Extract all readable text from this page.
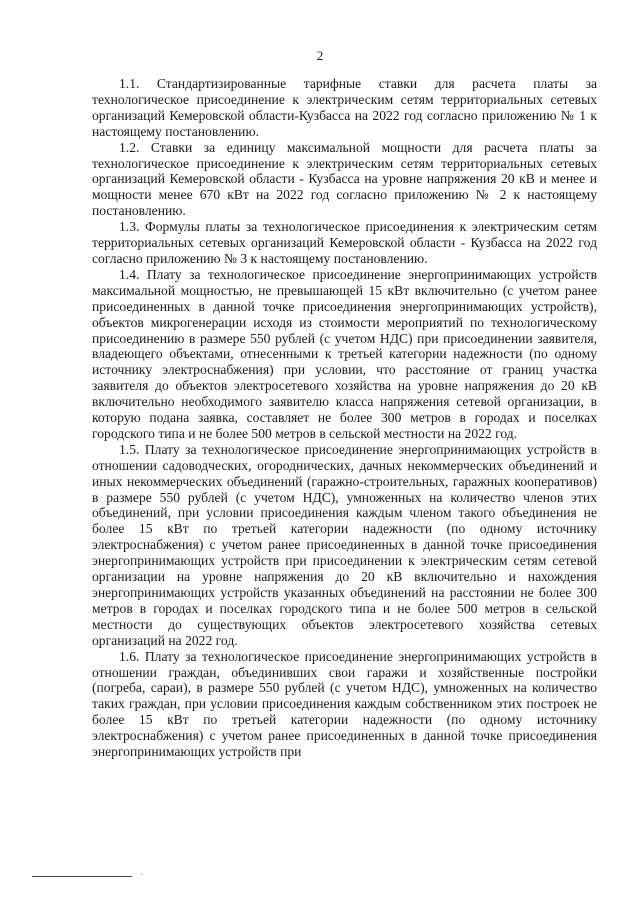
2

1.1. Стандартизированные тарифные ставки для расчета платы за технологическое присоединение к электрическим сетям территориальных сетевых организаций Кемеровской области-Кузбасса на 2022 год согласно приложению № 1 к настоящему постановлению.

1.2. Ставки за единицу максимальной мощности для расчета платы за технологическое присоединение к электрическим сетям территориальных сетевых организаций Кемеровской области - Кузбасса на уровне напряжения 20 кВ и менее и мощности менее 670 кВт на 2022 год согласно приложению № 2 к настоящему постановлению.

1.3. Формулы платы за технологическое присоединения к электрическим сетям территориальных сетевых организаций Кемеровской области - Кузбасса на 2022 год согласно приложению № 3 к настоящему постановлению.

1.4. Плату за технологическое присоединение энергопринимающих устройств максимальной мощностью, не превышающей 15 кВт включительно (с учетом ранее присоединенных в данной точке присоединения энергопринимающих устройств), объектов микрогенерации исходя из стоимости мероприятий по технологическому присоединению в размере 550 рублей (с учетом НДС) при присоединении заявителя, владеющего объектами, отнесенными к третьей категории надежности (по одному источнику электроснабжения) при условии, что расстояние от границ участка заявителя до объектов электросетевого хозяйства на уровне напряжения до 20 кВ включительно необходимого заявителю класса напряжения сетевой организации, в которую подана заявка, составляет не более 300 метров в городах и поселках городского типа и не более 500 метров в сельской местности на 2022 год.

1.5. Плату за технологическое присоединение энергопринимающих устройств в отношении садоводческих, огороднических, дачных некоммерческих объединений и иных некоммерческих объединений (гаражно-строительных, гаражных кооперативов) в размере 550 рублей (с учетом НДС), умноженных на количество членов этих объединений, при условии присоединения каждым членом такого объединения не более 15 кВт по третьей категории надежности (по одному источнику электроснабжения) с учетом ранее присоединенных в данной точке присоединения энергопринимающих устройств при присоединении к электрическим сетям сетевой организации на уровне напряжения до 20 кВ включительно и нахождения энергопринимающих устройств указанных объединений на расстоянии не более 300 метров в городах и поселках городского типа и не более 500 метров в сельской местности до существующих объектов электросетевого хозяйства сетевых организаций на 2022 год.

1.6. Плату за технологическое присоединение энергопринимающих устройств в отношении граждан, объединивших свои гаражи и хозяйственные постройки (погреба, сараи), в размере 550 рублей (с учетом НДС), умноженных на количество таких граждан, при условии присоединения каждым собственником этих построек не более 15 кВт по третьей категории надежности (по одному источнику электроснабжения) с учетом ранее присоединенных в данной точке присоединения энергопринимающих устройств при

·
